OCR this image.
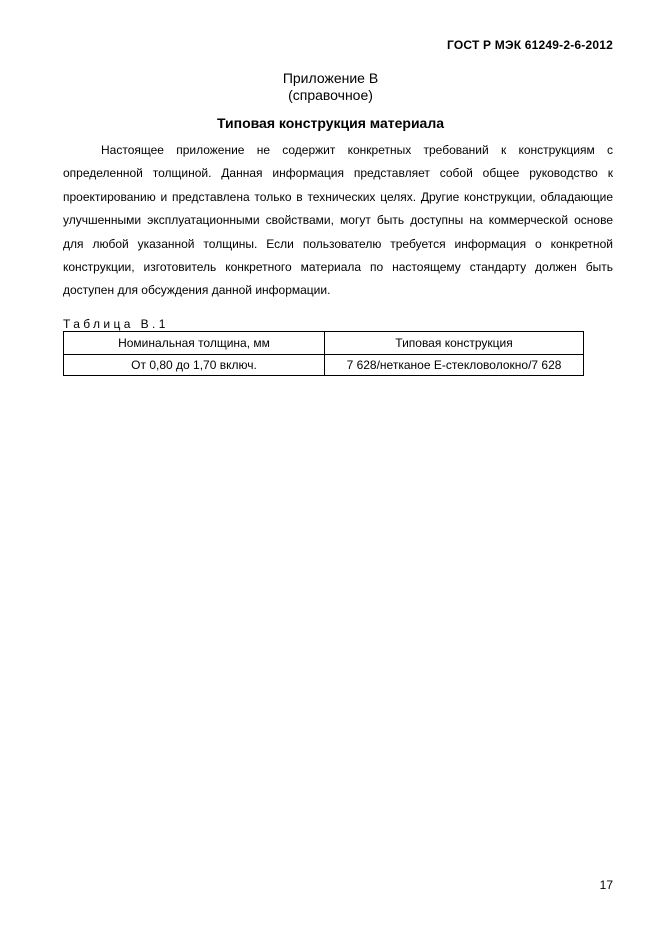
ГОСТ Р МЭК 61249-2-6-2012
Приложение В
(справочное)
Типовая конструкция материала

Настоящее приложение не содержит конкретных требований к конструкциям с определенной толщиной. Данная информация представляет собой общее руководство к проектированию и представлена только в технических целях. Другие конструкции, обладающие улучшенными эксплуатационными свойствами, могут быть доступны на коммерческой основе для любой указанной толщины. Если пользователю требуется информация о конкретной конструкции, изготовитель конкретного материала по настоящему стандарту должен быть доступен для обсуждения данной информации.

Таблица В.1
Номинальная толщина, мм	Типовая конструкция
От 0,80 до 1,70 включ.	7 628/нетканое Е-стекловолокно/7 628
17
